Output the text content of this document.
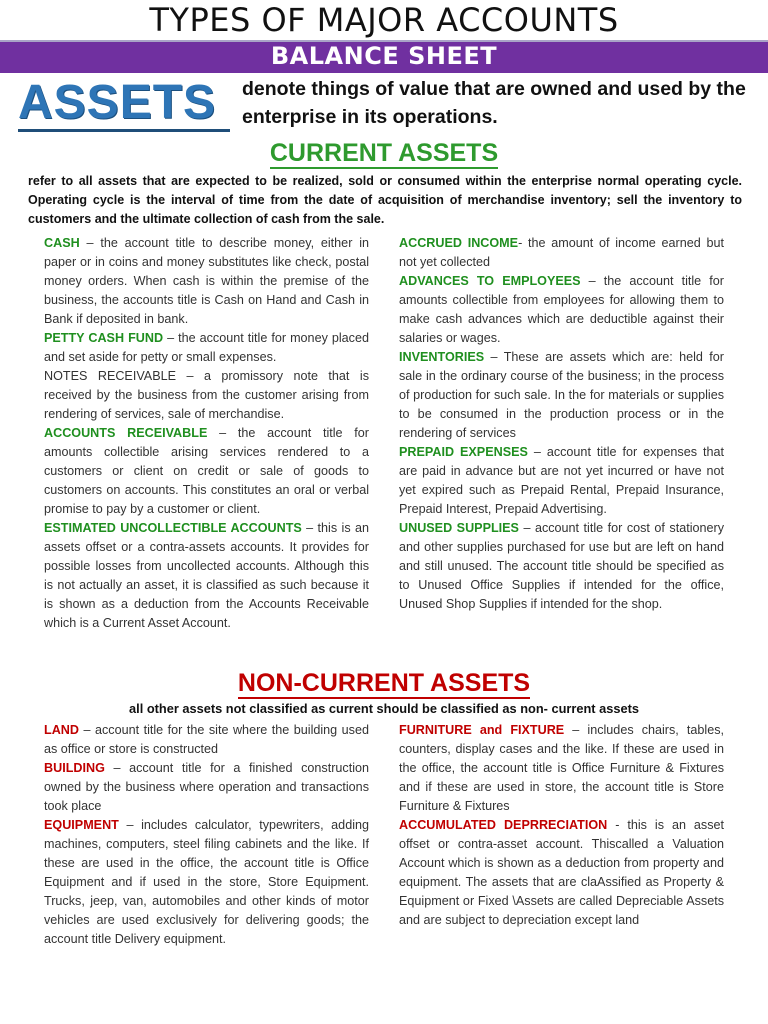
TYPES OF MAJOR ACCOUNTS
BALANCE SHEET
ASSETS	denote things of value that are owned and used by the enterprise in its operations.
CURRENT ASSETS
refer to all assets that are expected to be realized, sold or consumed within the enterprise normal operating cycle. Operating cycle is the interval of time from the date of acquisition of merchandise inventory; sell the inventory to customers and the ultimate collection of cash from the sale.

CASH – the account title to describe money, either in paper or in coins and money substitutes like check, postal money orders. When cash is within the premise of the business, the accounts title is Cash on Hand and Cash in Bank if deposited in bank.

PETTY CASH FUND – the account title for money placed and set aside for petty or small expenses.

NOTES RECEIVABLE – a promissory note that is received by the business from the customer arising from rendering of services, sale of merchandise.

ACCOUNTS RECEIVABLE – the account title for amounts collectible arising services rendered to a customers or client on credit or sale of goods to customers on accounts. This constitutes an oral or verbal promise to pay by a customer or client.

ESTIMATED UNCOLLECTIBLE ACCOUNTS – this is an assets offset or a contra-assets accounts. It provides for possible losses from uncollected accounts. Although this is not actually an asset, it is classified as such because it is shown as a deduction from the Accounts Receivable which is a Current Asset Account.

ACCRUED INCOME- the amount of income earned but not yet collected

ADVANCES TO EMPLOYEES – the account title for amounts collectible from employees for allowing them to make cash advances which are deductible against their salaries or wages.

INVENTORIES – These are assets which are: held for sale in the ordinary course of the business; in the process of production for such sale. In the for materials or supplies to be consumed in the production process or in the rendering of services

PREPAID EXPENSES – account title for expenses that are paid in advance but are not yet incurred or have not yet expired such as Prepaid Rental, Prepaid Insurance, Prepaid Interest, Prepaid Advertising.

UNUSED SUPPLIES – account title for cost of stationery and other supplies purchased for use but are left on hand and still unused. The account title should be specified as to Unused Office Supplies if intended for the office, Unused Shop Supplies if intended for the shop.

NON-CURRENT ASSETS
all other assets not classified as current should be classified as non- current assets

LAND – account title for the site where the building used as office or store is constructed

BUILDING – account title for a finished construction owned by the business where operation and transactions took place

EQUIPMENT – includes calculator, typewriters, adding machines, computers, steel filing cabinets and the like. If these are used in the office, the account title is Office Equipment and if used in the store, Store Equipment. Trucks, jeep, van, automobiles and other kinds of motor vehicles are used exclusively for delivering goods; the account title Delivery equipment.

FURNITURE and FIXTURE – includes chairs, tables, counters, display cases and the like. If these are used in the office, the account title is Office Furniture & Fixtures and if these are used in store, the account title is Store Furniture & Fixtures

ACCUMULATED DEPRRECIATION - this is an asset offset or contra-asset account. Thiscalled a Valuation Account which is shown as a deduction from property and equipment. The assets that are claAssified as Property & Equipment or Fixed \Assets are called Depreciable Assets and are subject to depreciation except land
